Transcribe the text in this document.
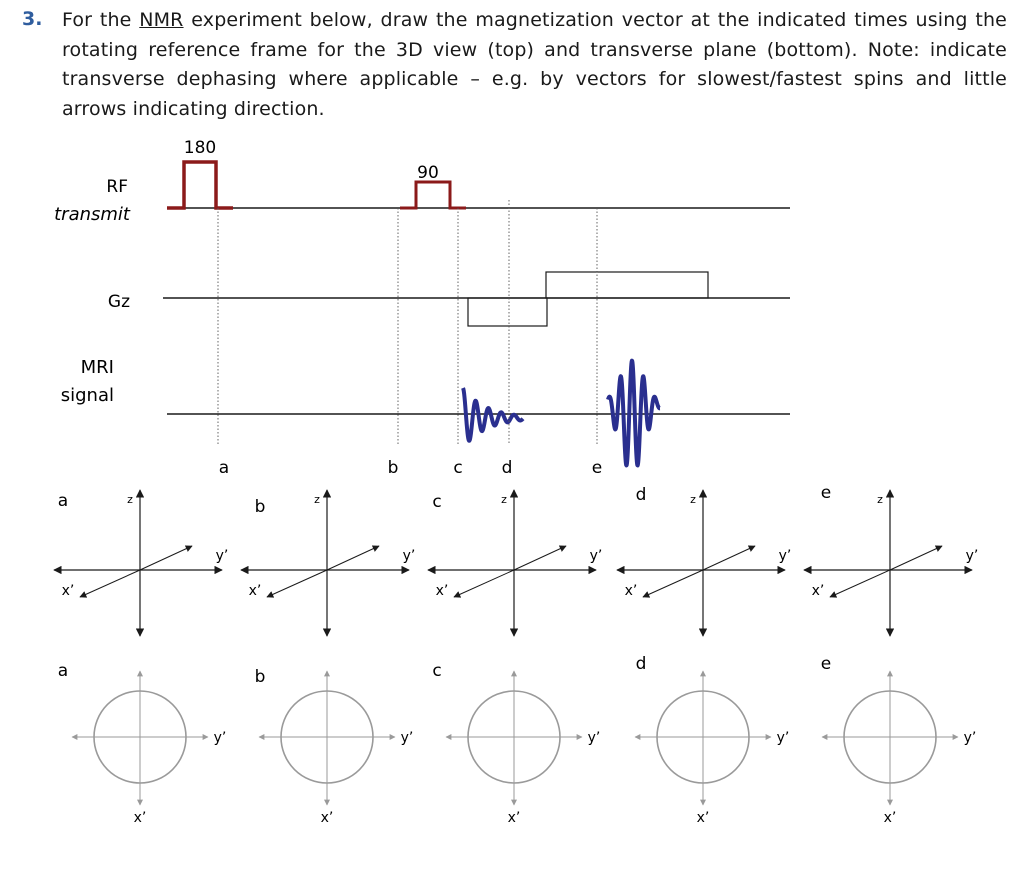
3. For the NMR experiment below, draw the magnetization vector at the indicated times using the rotating reference frame for the 3D view (top) and transverse plane (bottom). Note: indicate transverse dephasing where applicable – e.g. by vectors for slowest/fastest spins and little arrows indicating direction.
RF
transmit
Gz
MRI
signal
180
90
a	b	c d	e
a	z
y’
x’
b	z
y’
x’
c	z
y’
x’
d	z
y’
x’
e	z
y’
x’
a
y’
x’
b
y’
x’
c
y’
x’
d
y’
x’
e
y’
x’
